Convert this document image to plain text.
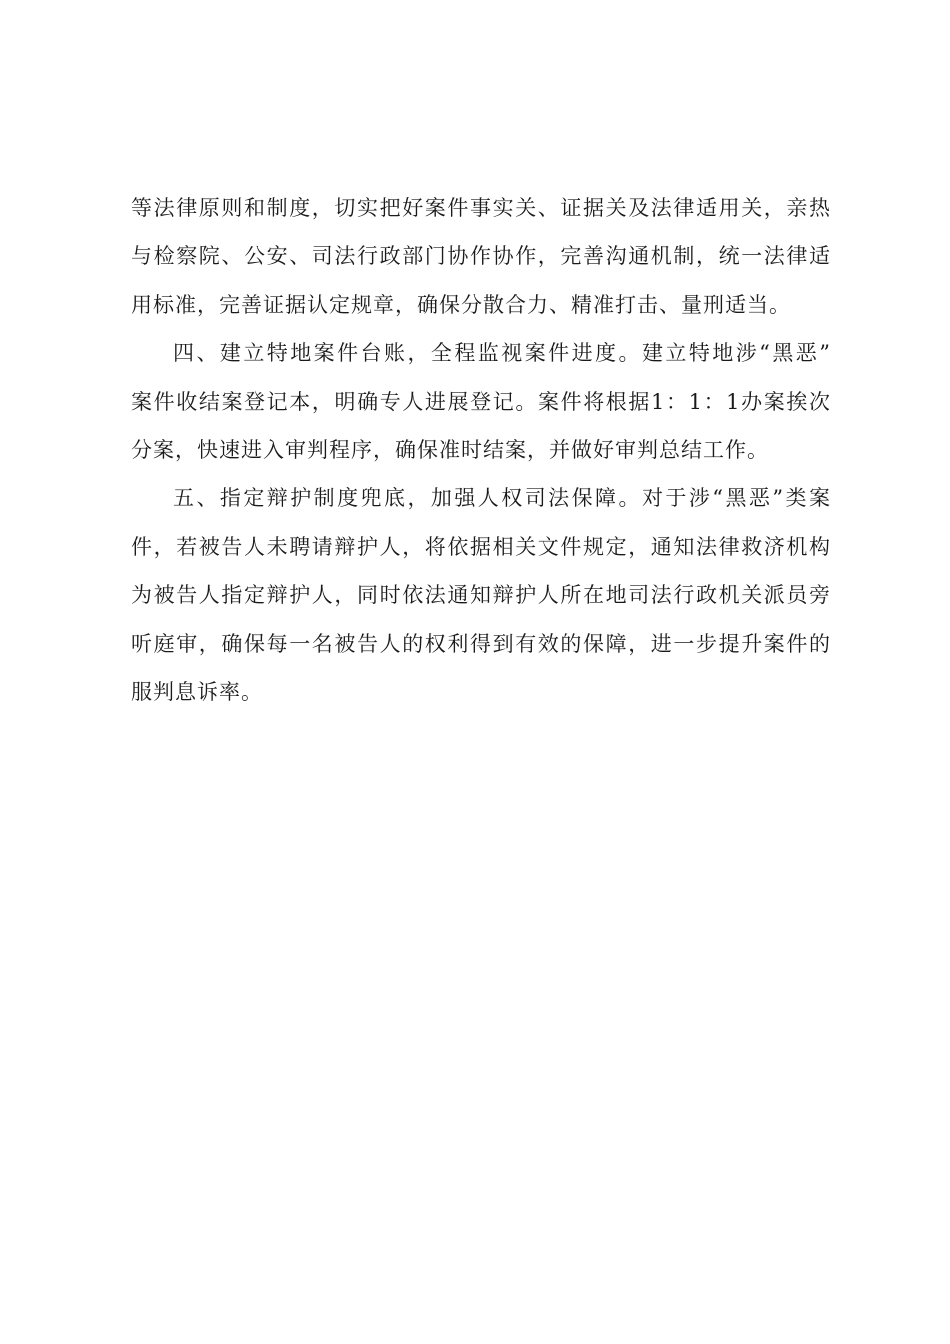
等法律原则和制度，切实把好案件事实关、证据关及法律适用关，亲热
与检察院、公安、司法行政部门协作协作，完善沟通机制，统一法律适
用标准，完善证据认定规章，确保分散合力、精准打击、量刑适当。
四、建立特地案件台账，全程监视案件进度。建立特地涉“黑恶”
案件收结案登记本，明确专人进展登记。案件将根据1：1：1办案挨次
分案，快速进入审判程序，确保准时结案，并做好审判总结工作。
五、指定辩护制度兜底，加强人权司法保障。对于涉“黑恶”类案
件，若被告人未聘请辩护人，将依据相关文件规定，通知法律救济机构
为被告人指定辩护人，同时依法通知辩护人所在地司法行政机关派员旁
听庭审，确保每一名被告人的权利得到有效的保障，进一步提升案件的
服判息诉率。
